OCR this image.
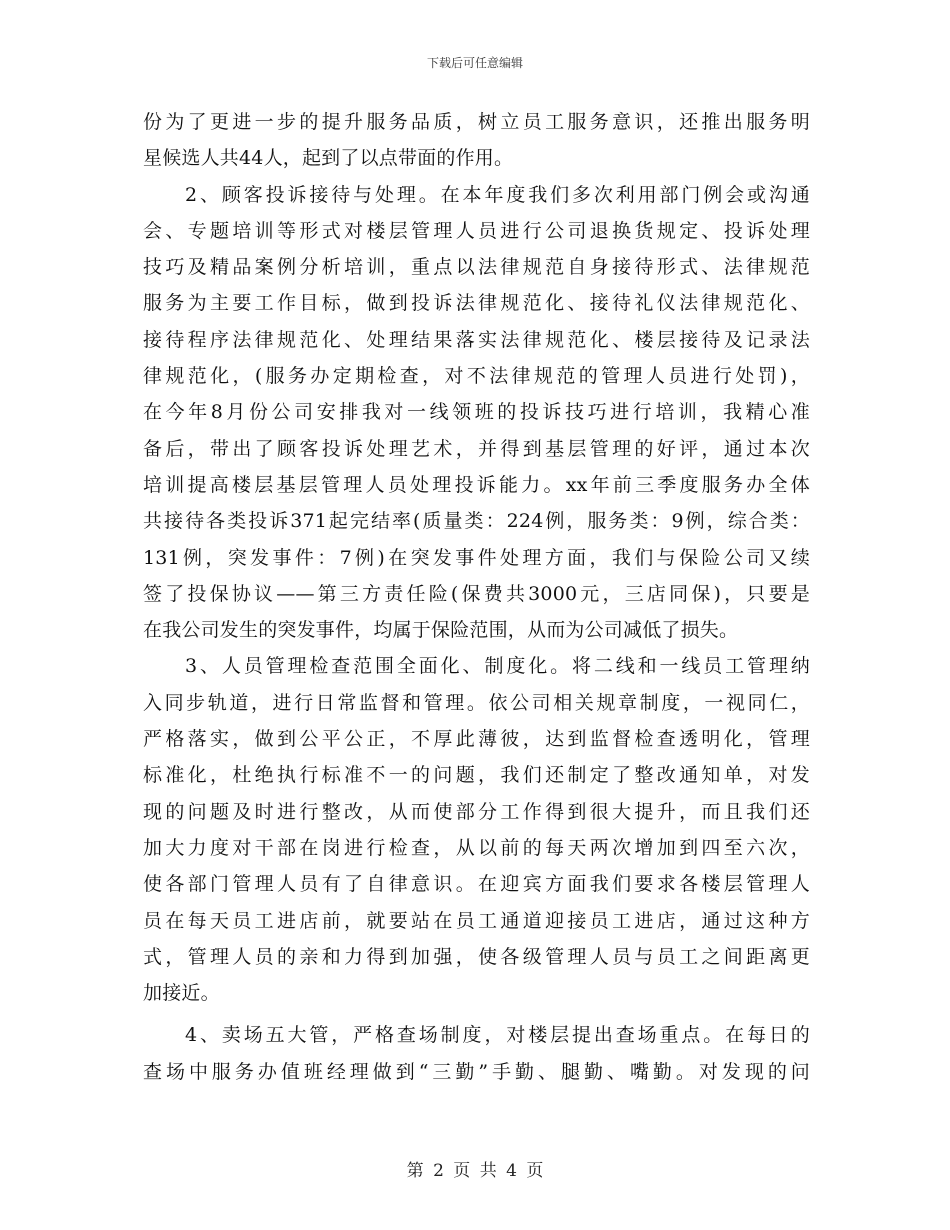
下载后可任意编辑
份为了更进一步的提升服务品质，树立员工服务意识，还推出服务明
星候选人共44人，起到了以点带面的作用。
2、顾客投诉接待与处理。在本年度我们多次利用部门例会或沟通
会、专题培训等形式对楼层管理人员进行公司退换货规定、投诉处理
技巧及精品案例分析培训，重点以法律规范自身接待形式、法律规范
服务为主要工作目标，做到投诉法律规范化、接待礼仪法律规范化、
接待程序法律规范化、处理结果落实法律规范化、楼层接待及记录法
律规范化，(服务办定期检查，对不法律规范的管理人员进行处罚)，
在今年8月份公司安排我对一线领班的投诉技巧进行培训，我精心准
备后，带出了顾客投诉处理艺术，并得到基层管理的好评，通过本次
培训提高楼层基层管理人员处理投诉能力。xx年前三季度服务办全体
共接待各类投诉371起完结率(质量类：224例，服务类：9例，综合类：
131例，突发事件：7例)在突发事件处理方面，我们与保险公司又续
签了投保协议——第三方责任险(保费共3000元，三店同保)，只要是
在我公司发生的突发事件，均属于保险范围，从而为公司减低了损失。
3、人员管理检查范围全面化、制度化。将二线和一线员工管理纳
入同步轨道，进行日常监督和管理。依公司相关规章制度，一视同仁，
严格落实，做到公平公正，不厚此薄彼，达到监督检查透明化，管理
标准化，杜绝执行标准不一的问题，我们还制定了整改通知单，对发
现的问题及时进行整改，从而使部分工作得到很大提升，而且我们还
加大力度对干部在岗进行检查，从以前的每天两次增加到四至六次，
使各部门管理人员有了自律意识。在迎宾方面我们要求各楼层管理人
员在每天员工进店前，就要站在员工通道迎接员工进店，通过这种方
式，管理人员的亲和力得到加强，使各级管理人员与员工之间距离更
加接近。
4、卖场五大管，严格查场制度，对楼层提出查场重点。在每日的
查场中服务办值班经理做到“三勤”手勤、腿勤、嘴勤。对发现的问
第 2 页 共 4 页
